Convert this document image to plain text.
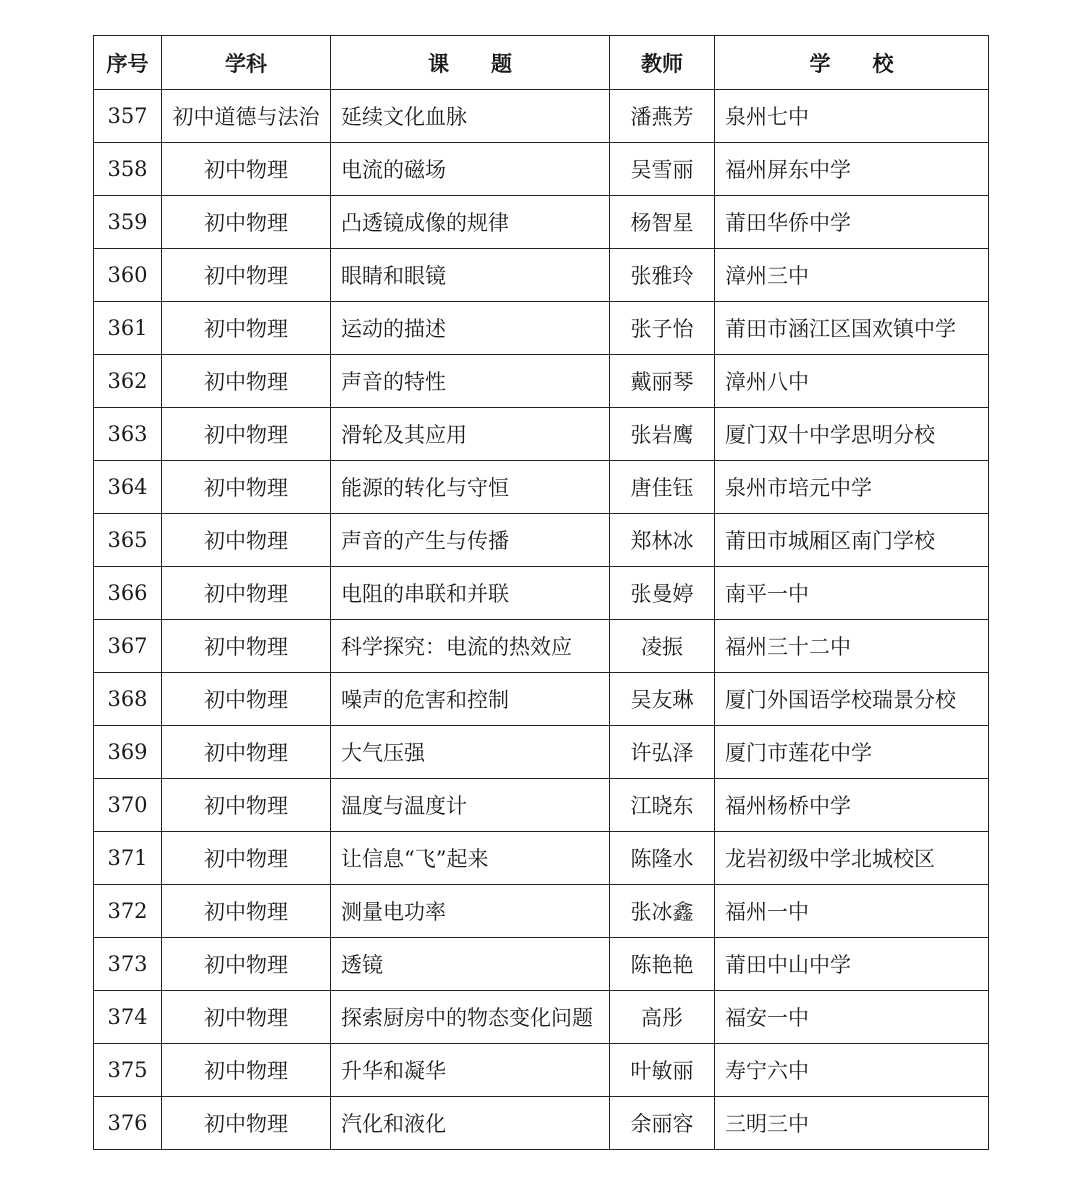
序号	学科	课　　题	教师	学　　校
357	初中道德与法治	延续文化血脉	潘燕芳	泉州七中
358	初中物理	电流的磁场	吴雪丽	福州屏东中学
359	初中物理	凸透镜成像的规律	杨智星	莆田华侨中学
360	初中物理	眼睛和眼镜	张雅玲	漳州三中
361	初中物理	运动的描述	张子怡	莆田市涵江区国欢镇中学
362	初中物理	声音的特性	戴丽琴	漳州八中
363	初中物理	滑轮及其应用	张岩鹰	厦门双十中学思明分校
364	初中物理	能源的转化与守恒	唐佳钰	泉州市培元中学
365	初中物理	声音的产生与传播	郑林冰	莆田市城厢区南门学校
366	初中物理	电阻的串联和并联	张曼婷	南平一中
367	初中物理	科学探究：电流的热效应	凌振	福州三十二中
368	初中物理	噪声的危害和控制	吴友琳	厦门外国语学校瑞景分校
369	初中物理	大气压强	许弘泽	厦门市莲花中学
370	初中物理	温度与温度计	江晓东	福州杨桥中学
371	初中物理	让信息“飞”起来	陈隆水	龙岩初级中学北城校区
372	初中物理	测量电功率	张冰鑫	福州一中
373	初中物理	透镜	陈艳艳	莆田中山中学
374	初中物理	探索厨房中的物态变化问题	高彤	福安一中
375	初中物理	升华和凝华	叶敏丽	寿宁六中
376	初中物理	汽化和液化	余丽容	三明三中
